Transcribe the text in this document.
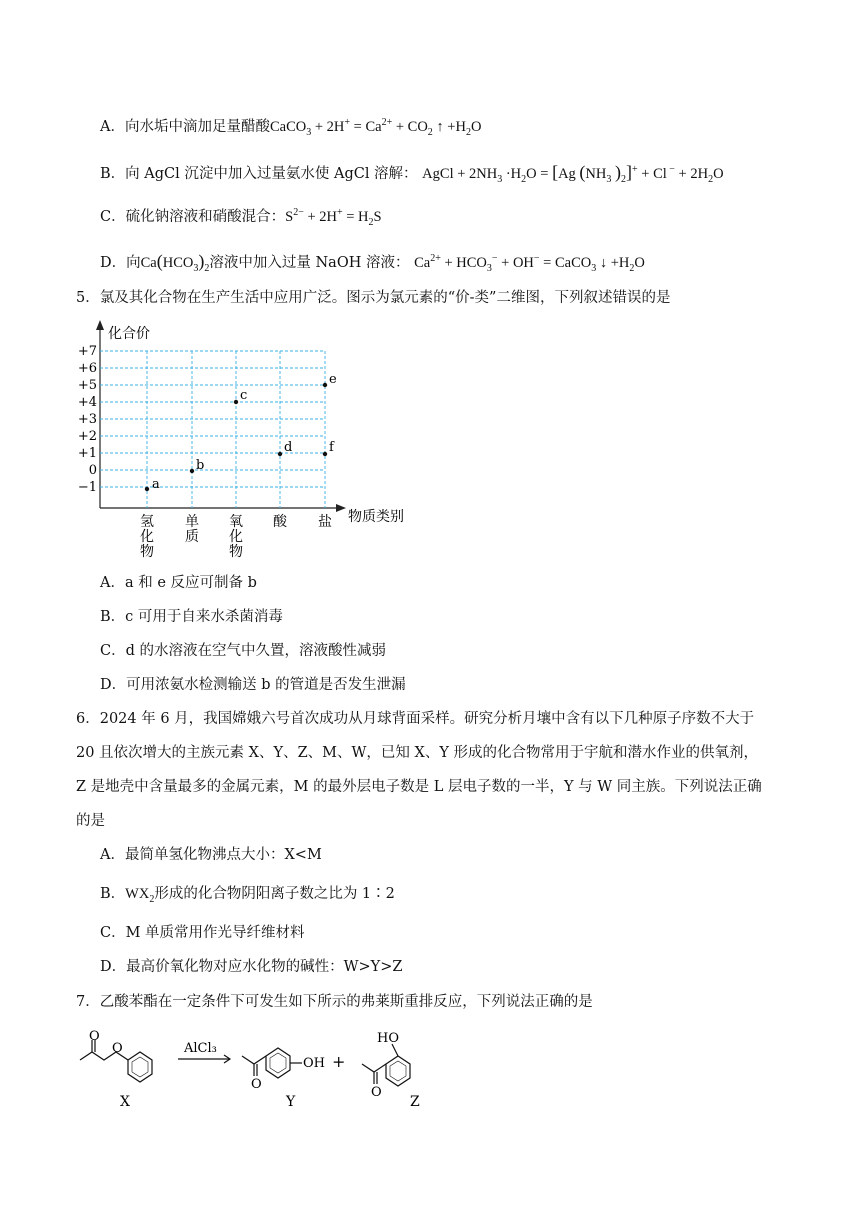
A．向水垢中滴加足量醋酸CaCO$_3$ + $2H^+ = Ca^{2+} + CO_2$ ↑ $+H_2O$
B．向 AgCl 沉淀中加入过量氨水使 AgCl 溶解： AgCl + $2NH_3 \cdot H_2O = [Ag$ ($NH_3$ )$_2]^+ + Cl$ $^- + 2H_2O$
C．硫化钠溶液和硝酸混合：$S^{2-} + 2H^+ = H_2S$
D．向$Ca(HCO_3)_2$溶液中加入过量 NaOH 溶液： $Ca^{2+} + HCO_3^- + OH^-$ = CaCO$_3$ ↓ $+H_2O$
5．氯及其化合物在生产生活中应用广泛。图示为氯元素的“价-类”二维图，下列叙述错误的是
化合价
物质类别
+7
+6
+5
+4
+3
+2
+1
0
−1
氢
化
物
单
质
氧
化
物
酸 盐
a
b
c
d
e
f
A．a 和 e 反应可制备 b
B．c 可用于自来水杀菌消毒
C．d 的水溶液在空气中久置，溶液酸性减弱
D．可用浓氨水检测输送 b 的管道是否发生泄漏
6．2024 年 6 月，我国嫦娥六号首次成功从月球背面采样。研究分析月壤中含有以下几种原子序数不大于
20 且依次增大的主族元素 X、Y、Z、M、W，已知 X、Y 形成的化合物常用于宇航和潜水作业的供氧剂，
Z 是地壳中含量最多的金属元素，M 的最外层电子数是 L 层电子数的一半，Y 与 W 同主族。下列说法正确
的是
A．最简单氢化物沸点大小：X<M
B．$WX_2$形成的化合物阴阳离子数之比为 1∶2
C．M 单质常用作光导纤维材料
D．最高价氧化物对应水化物的碱性：W>Y>Z
7．乙酸苯酯在一定条件下可发生如下所示的弗莱斯重排反应，下列说法正确的是
O
O	AlCl₃
O
OH +
O
HO
X	Y	Z
